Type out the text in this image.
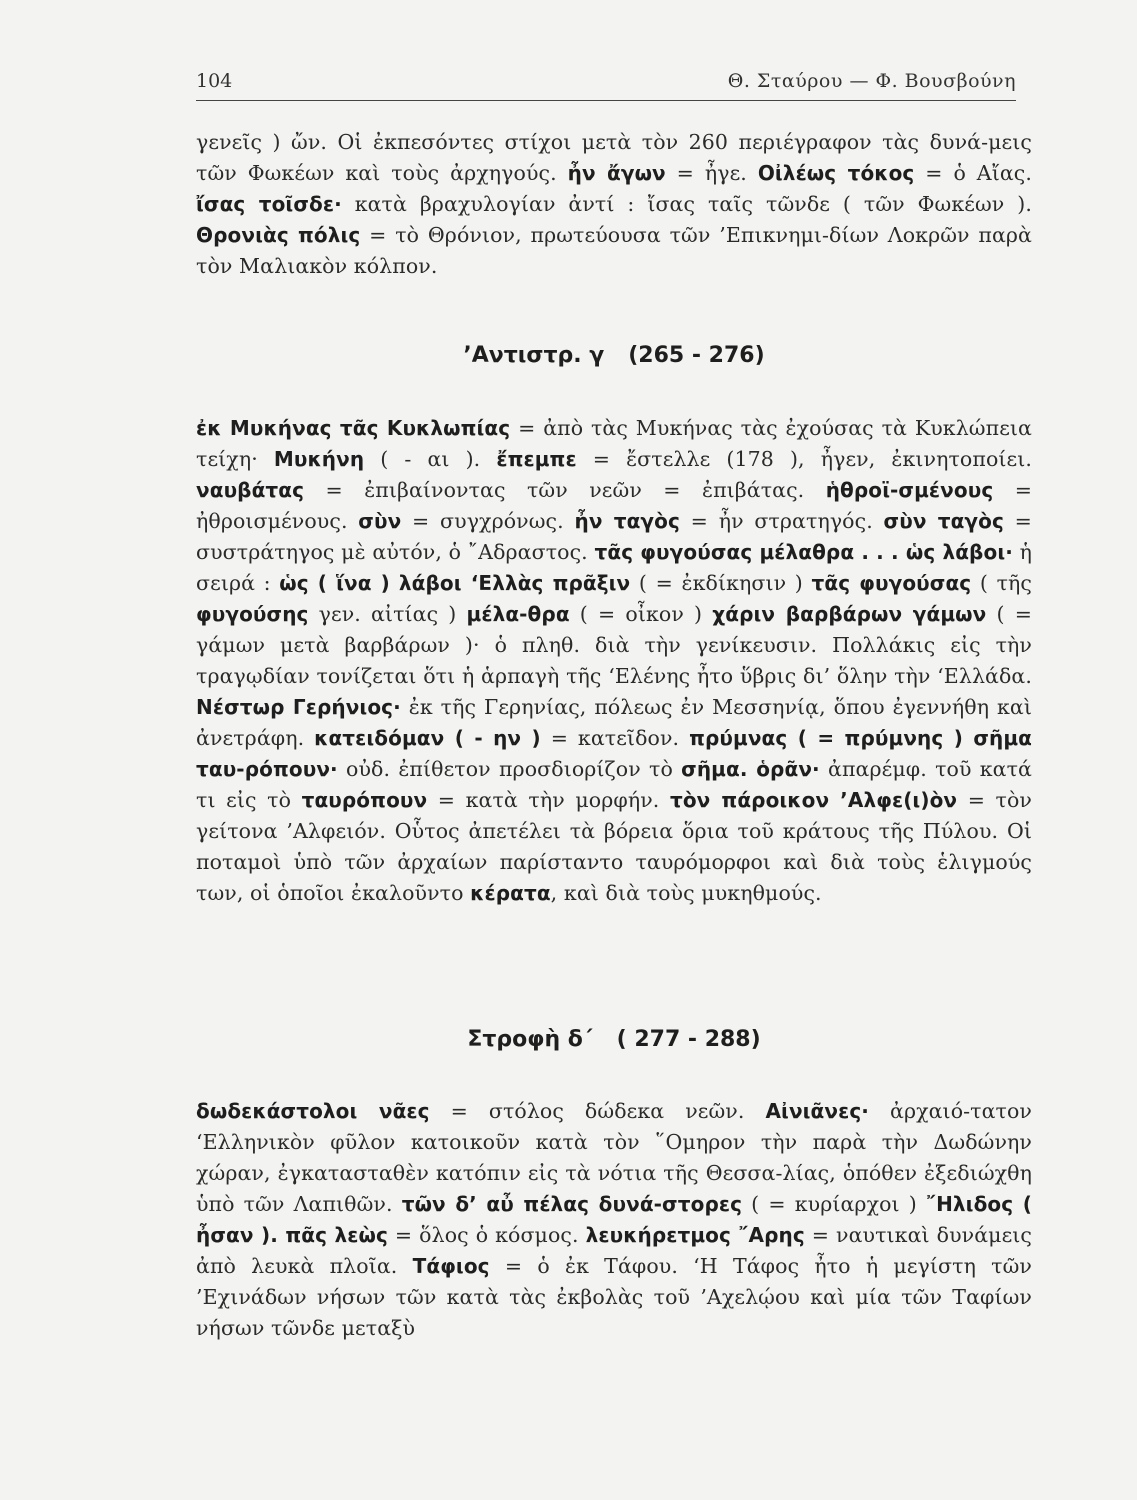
104	Θ. Σταύρου — Φ. Βουσβούνη
γενεῖς ) ὤν. Οἱ ἐκπεσόντες στίχοι μετὰ τὸν 260 περιέγραφον τὰς δυνά-μεις τῶν Φωκέων καὶ τοὺς ἀρχηγούς. ἦν ἄγων = ἦγε. Οἰλέως τόκος = ὁ Αἴας. ἴσας τοῖσδε· κατὰ βραχυλογίαν ἀντί : ἴσας ταῖς τῶνδε ( τῶν Φωκέων ). Θρονιὰς πόλις = τὸ Θρόνιον, πρωτεύουσα τῶν ’Επικνημι-δίων Λοκρῶν παρὰ τὸν Μαλιακὸν κόλπον.
’Αντιστρ. γ (265 - 276)
ἐκ Μυκήνας τᾶς Κυκλωπίας = ἀπὸ τὰς Μυκήνας τὰς ἐχούσας τὰ Κυκλώπεια τείχη· Μυκήνη ( - αι ). ἔπεμπε = ἔστελλε (178 ), ἦγεν, ἐκινητοποίει. ναυβάτας = ἐπιβαίνοντας τῶν νεῶν = ἐπιβάτας. ἡθροϊ-σμένους = ἠθροισμένους. σὺν = συγχρόνως. ἦν ταγὸς = ἦν στρατηγός. σὺν ταγὸς = συστράτηγος μὲ αὐτόν, ὁ ῎Αδραστος. τᾶς φυγούσας μέλαθρα . . . ὡς λάβοι· ἡ σειρά : ὡς ( ἵνα ) λάβοι ‘Ελλὰς πρᾶξιν ( = ἐκδίκησιν ) τᾶς φυγούσας ( τῆς φυγούσης γεν. αἰτίας ) μέλα-θρα ( = οἶκον ) χάριν βαρβάρων γάμων ( = γάμων μετὰ βαρβάρων )· ὁ πληθ. διὰ τὴν γενίκευσιν. Πολλάκις εἰς τὴν τραγῳδίαν τονίζεται ὅτι ἡ ἁρπαγὴ τῆς ‘Ελένης ἦτο ὕβρις δι’ ὅλην τὴν ‘Ελλάδα. Νέστωρ Γερήνιος· ἐκ τῆς Γερηνίας, πόλεως ἐν Μεσσηνίᾳ, ὅπου ἐγεννήθη καὶ ἀνετράφη. κατειδόμαν ( - ην ) = κατεῖδον. πρύμνας ( = πρύμνης ) σῆμα ταυ-ρόπουν· οὐδ. ἐπίθετον προσδιορίζον τὸ σῆμα. ὁρᾶν· ἀπαρέμφ. τοῦ κατά τι εἰς τὸ ταυρόπουν = κατὰ τὴν μορφήν. τὸν πάροικον ’Αλφε(ι)ὸν = τὸν γείτονα ’Αλφειόν. Οὗτος ἀπετέλει τὰ βόρεια ὅρια τοῦ κράτους τῆς Πύλου. Οἱ ποταμοὶ ὑπὸ τῶν ἀρχαίων παρίσταντο ταυρόμορφοι καὶ διὰ τοὺς ἑλιγμούς των, οἱ ὁποῖοι ἐκαλοῦντο κέρατα, καὶ διὰ τοὺς μυκηθμούς.
Στροφὴ δ΄ ( 277 - 288)
δωδεκάστολοι νᾶες = στόλος δώδεκα νεῶν. Αἰνιᾶνες· ἀρχαιό-τατον ‘Ελληνικὸν φῦλον κατοικοῦν κατὰ τὸν ῞Ομηρον τὴν παρὰ τὴν Δωδώνην χώραν, ἐγκατασταθὲν κατόπιν εἰς τὰ νότια τῆς Θεσσα-λίας, ὁπόθεν ἐξεδιώχθη ὑπὸ τῶν Λαπιθῶν. τῶν δ’ αὖ πέλας δυνά-στορες ( = κυρίαρχοι ) ῎Ηλιδος ( ἦσαν ). πᾶς λεὼς = ὅλος ὁ κόσμος. λευκήρετμος ῎Αρης = ναυτικαὶ δυνάμεις ἀπὸ λευκὰ πλοῖα. Τάφιος = ὁ ἐκ Τάφου. ‘Η Τάφος ἦτο ἡ μεγίστη τῶν ’Εχινάδων νήσων τῶν κατὰ τὰς ἐκβολὰς τοῦ ’Αχελῴου καὶ μία τῶν Ταφίων νήσων τῶνδε μεταξὺ
